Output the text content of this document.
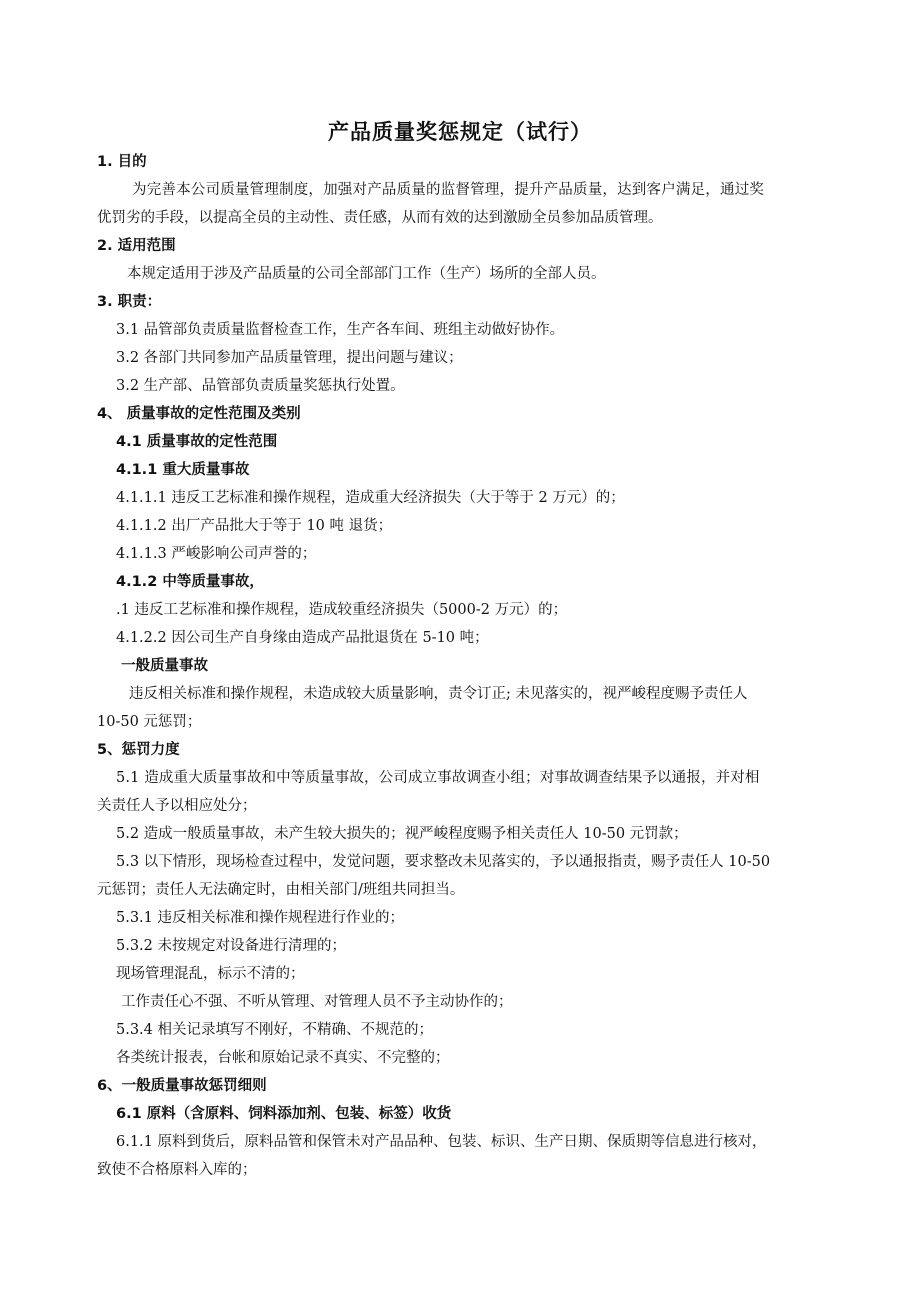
产品质量奖惩规定（试行）
1. 目的
为完善本公司质量管理制度，加强对产品质量的监督管理，提升产品质量，达到客户满足，通过奖
优罚劣的手段，以提高全员的主动性、责任感，从而有效的达到激励全员参加品质管理。
2. 适用范围
本规定适用于涉及产品质量的公司全部部门工作（生产）场所的全部人员。
3. 职责：
3.1 品管部负责质量监督检查工作，生产各车间、班组主动做好协作。
3.2 各部门共同参加产品质量管理，提出问题与建议；
3.2 生产部、品管部负责质量奖惩执行处置。
4、 质量事故的定性范围及类别
4.1 质量事故的定性范围
4.1.1 重大质量事故
4.1.1.1 违反工艺标准和操作规程，造成重大经济损失（大于等于 2 万元）的；
4.1.1.2 出厂产品批大于等于 10 吨 退货；
4.1.1.3 严峻影响公司声誉的；
4.1.2 中等质量事故，
.1 违反工艺标准和操作规程，造成较重经济损失（5000-2 万元）的；
4.1.2.2 因公司生产自身缘由造成产品批退货在 5-10 吨；
一般质量事故
违反相关标准和操作规程，未造成较大质量影响，责令订正; 未见落实的，视严峻程度赐予责任人
10-50 元惩罚；
5、惩罚力度
5.1 造成重大质量事故和中等质量事故，公司成立事故调查小组；对事故调查结果予以通报，并对相
关责任人予以相应处分；
5.2 造成一般质量事故，未产生较大损失的；视严峻程度赐予相关责任人 10-50 元罚款；
5.3 以下情形，现场检查过程中，发觉问题，要求整改未见落实的，予以通报指责，赐予责任人 10-50
元惩罚；责任人无法确定时，由相关部门/班组共同担当。
5.3.1 违反相关标准和操作规程进行作业的；
5.3.2 未按规定对设备进行清理的；
现场管理混乱，标示不清的；
工作责任心不强、不听从管理、对管理人员不予主动协作的；
5.3.4 相关记录填写不刚好，不精确、不规范的；
各类统计报表，台帐和原始记录不真实、不完整的；
6、一般质量事故惩罚细则
6.1 原料（含原料、饲料添加剂、包装、标签）收货
6.1.1 原料到货后，原料品管和保管未对产品品种、包装、标识、生产日期、保质期等信息进行核对，
致使不合格原料入库的；
